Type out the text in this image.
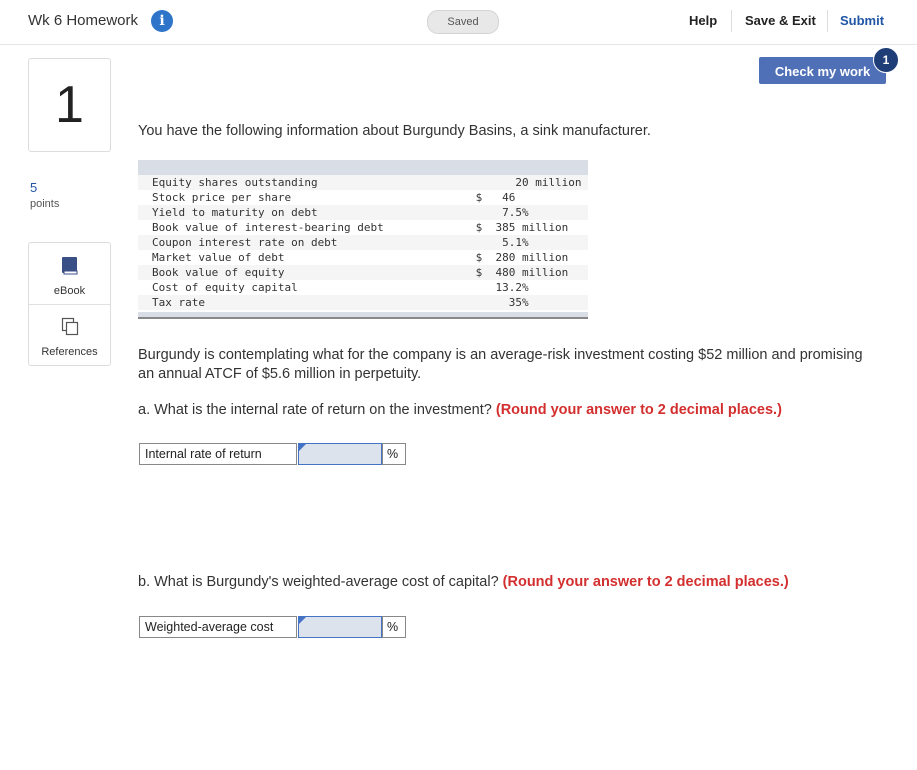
Wk 6 Homework	i	Saved	Help Save & Exit Submit
1
5
points
eBook
References
Check my work
1
You have the following information about Burgundy Basins, a sink manufacturer.
Equity shares outstanding	20 million
Stock price per share	$   46
Yield to maturity on debt	7.5%
Book value of interest-bearing debt	$  385 million
Coupon interest rate on debt	5.1%
Market value of debt	$  280 million
Book value of equity	$  480 million
Cost of equity capital	13.2%
Tax rate	35%
Burgundy is contemplating what for the company is an average-risk investment costing $52 million and promising an annual ATCF of $5.6 million in perpetuity.
a. What is the internal rate of return on the investment? (Round your answer to 2 decimal places.)
Internal rate of return	%
b. What is Burgundy's weighted-average cost of capital? (Round your answer to 2 decimal places.)
Weighted-average cost	%
